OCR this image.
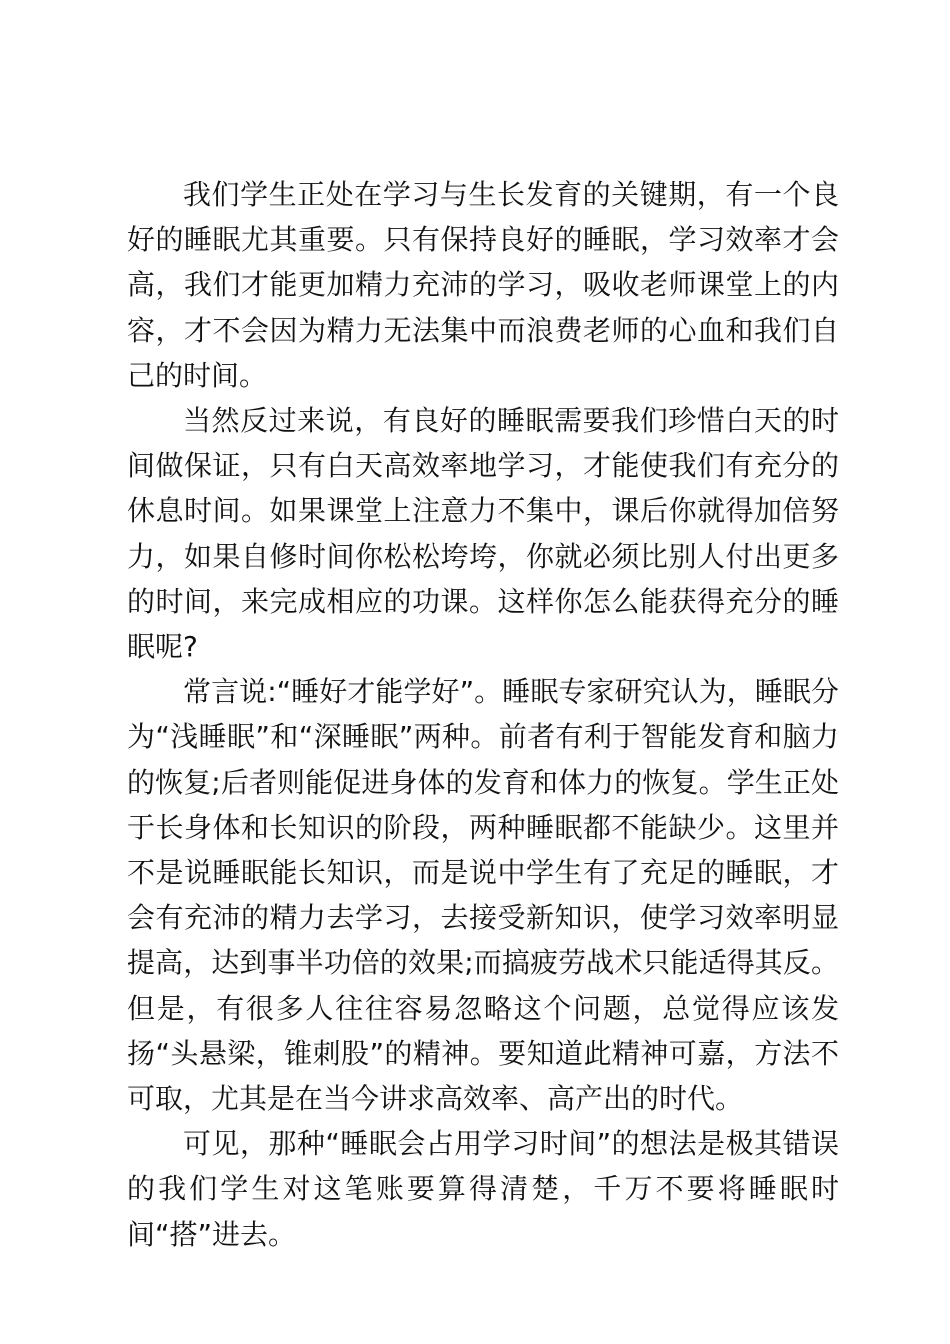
我们学生正处在学习与生长发育的关键期，有一个良好的睡眠尤其重要。只有保持良好的睡眠，学习效率才会高，我们才能更加精力充沛的学习，吸收老师课堂上的内容，才不会因为精力无法集中而浪费老师的心血和我们自己的时间。

当然反过来说，有良好的睡眠需要我们珍惜白天的时间做保证，只有白天高效率地学习，才能使我们有充分的休息时间。如果课堂上注意力不集中，课后你就得加倍努力，如果自修时间你松松垮垮，你就必须比别人付出更多的时间，来完成相应的功课。这样你怎么能获得充分的睡眠呢?

常言说:“睡好才能学好”。睡眠专家研究认为，睡眠分为“浅睡眠”和“深睡眠”两种。前者有利于智能发育和脑力的恢复;后者则能促进身体的发育和体力的恢复。学生正处于长身体和长知识的阶段，两种睡眠都不能缺少。这里并不是说睡眠能长知识，而是说中学生有了充足的睡眠，才会有充沛的精力去学习，去接受新知识，使学习效率明显提高，达到事半功倍的效果;而搞疲劳战术只能适得其反。但是，有很多人往往容易忽略这个问题，总觉得应该发扬“头悬梁，锥刺股”的精神。要知道此精神可嘉，方法不可取，尤其是在当今讲求高效率、高产出的时代。

可见，那种“睡眠会占用学习时间”的想法是极其错误的我们学生对这笔账要算得清楚，千万不要将睡眠时间“搭”进去。
